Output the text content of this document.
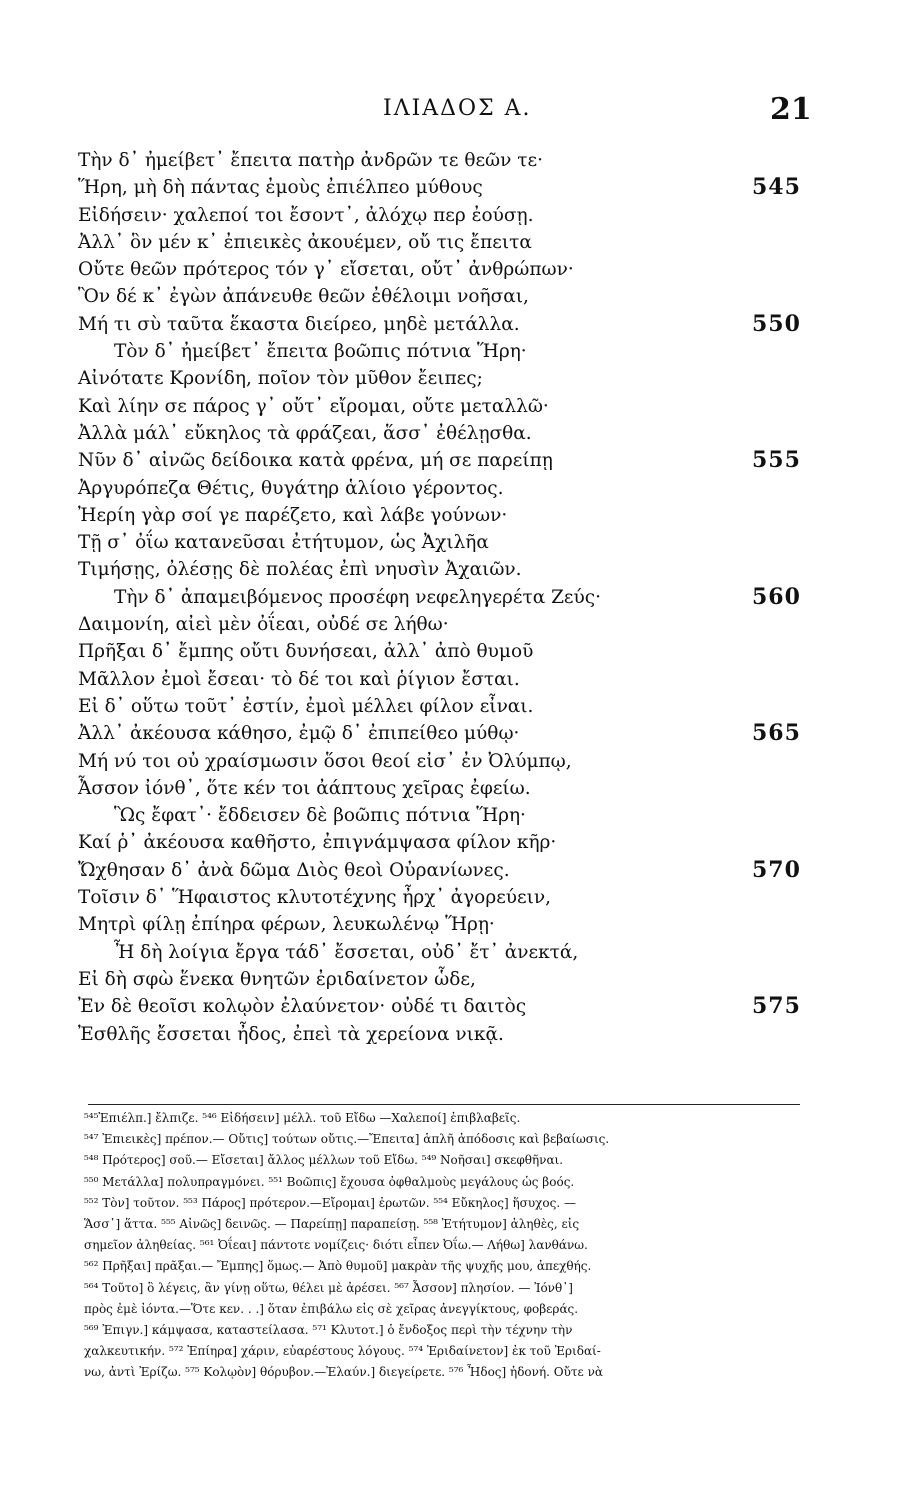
ΙΛΙΑΔΟΣ Α.	21
Τὴν δ᾽ ἠμείβετ᾽ ἔπειτα πατὴρ ἀνδρῶν τε θεῶν τε·
Ἥρη, μὴ δὴ πάντας ἐμοὺς ἐπιέλπεο μύθους	545
Εἰδήσειν· χαλεποί τοι ἔσοντ᾽, ἀλόχῳ περ ἐούσῃ.
Ἀλλ᾽ ὃν μέν κ᾽ ἐπιεικὲς ἀκουέμεν, οὔ τις ἔπειτα
Οὔτε θεῶν πρότερος τόν γ᾽ εἴσεται, οὔτ᾽ ἀνθρώπων·
Ὃν δέ κ᾽ ἐγὼν ἀπάνευθε θεῶν ἐθέλοιμι νοῆσαι,
Μή τι σὺ ταῦτα ἕκαστα διείρεο, μηδὲ μετάλλα.	550
Τὸν δ᾽ ἠμείβετ᾽ ἔπειτα βοῶπις πότνια Ἥρη·
Αἰνότατε Κρονίδη, ποῖον τὸν μῦθον ἔειπες;
Καὶ λίην σε πάρος γ᾽ οὔτ᾽ εἴρομαι, οὔτε μεταλλῶ·
Ἀλλὰ μάλ᾽ εὔκηλος τὰ φράζεαι, ἅσσ᾽ ἐθέλῃσθα.
Νῦν δ᾽ αἰνῶς δείδοικα κατὰ φρένα, μή σε παρείπῃ	555
Ἀργυρόπεζα Θέτις, θυγάτηρ ἁλίοιο γέροντος.
Ἠερίη γὰρ σοί γε παρέζετο, καὶ λάβε γούνων·
Τῇ σ᾽ ὀΐω κατανεῦσαι ἐτήτυμον, ὡς Ἀχιλῆα
Τιμήσῃς, ὀλέσῃς δὲ πολέας ἐπὶ νηυσὶν Ἀχαιῶν.
Τὴν δ᾽ ἀπαμειβόμενος προσέφη νεφεληγερέτα Ζεύς·	560
Δαιμονίη, αἰεὶ μὲν ὀΐεαι, οὐδέ σε λήθω·
Πρῆξαι δ᾽ ἔμπης οὔτι δυνήσεαι, ἀλλ᾽ ἀπὸ θυμοῦ
Μᾶλλον ἐμοὶ ἔσεαι· τὸ δέ τοι καὶ ῥίγιον ἔσται.
Εἰ δ᾽ οὕτω τοῦτ᾽ ἐστίν, ἐμοὶ μέλλει φίλον εἶναι.
Ἀλλ᾽ ἀκέουσα κάθησο, ἐμῷ δ᾽ ἐπιπείθεο μύθῳ·	565
Μή νύ τοι οὐ χραίσμωσιν ὅσοι θεοί εἰσ᾽ ἐν Ὀλύμπῳ,
Ἆσσον ἰόνθ᾽, ὅτε κέν τοι ἀάπτους χεῖρας ἐφείω.
Ὣς ἔφατ᾽· ἔδδεισεν δὲ βοῶπις πότνια Ἥρη·
Καί ῥ᾽ ἀκέουσα καθῆστο, ἐπιγνάμψασα φίλον κῆρ·
Ὤχθησαν δ᾽ ἀνὰ δῶμα Διὸς θεοὶ Οὐρανίωνες.	570
Τοῖσιν δ᾽ Ἥφαιστος κλυτοτέχνης ἦρχ᾽ ἀγορεύειν,
Μητρὶ φίλῃ ἐπίηρα φέρων, λευκωλένῳ Ἥρῃ·
Ἦ δὴ λοίγια ἔργα τάδ᾽ ἔσσεται, οὐδ᾽ ἔτ᾽ ἀνεκτά,
Εἰ δὴ σφὼ ἕνεκα θνητῶν ἐριδαίνετον ὧδε,
Ἐν δὲ θεοῖσι κολῳὸν ἐλαύνετον· οὐδέ τι δαιτὸς	575
Ἐσθλῆς ἔσσεται ἦδος, ἐπεὶ τὰ χερείονα νικᾷ.
⁵⁴⁵Ἐπιέλπ.] ἔλπιζε. ⁵⁴⁶ Εἰδήσειν] μέλλ. τοῦ Εἴδω —Χαλεποί] ἐπιβλαβεῖς.
⁵⁴⁷ Ἐπιεικὲς] πρέπον.— Οὔτις] τούτων οὔτις.—Ἔπειτα] ἁπλῆ ἀπόδοσις καὶ βεβαίωσις.
⁵⁴⁸ Πρότερος] σοῦ.— Εἴσεται] ἄλλος μέλλων τοῦ Εἴδω. ⁵⁴⁹ Νοῆσαι] σκεφθῆναι.
⁵⁵⁰ Μετάλλα] πολυπραγμόνει. ⁵⁵¹ Βοῶπις] ἔχουσα ὀφθαλμοὺς μεγάλους ὡς βοός.
⁵⁵² Τὸν] τοῦτον. ⁵⁵³ Πάρος] πρότερον.—Εἴρομαι] ἐρωτῶν. ⁵⁵⁴ Εὔκηλος] ἥσυχος. —
Ἅσσ᾽] ἅττα. ⁵⁵⁵ Αἰνῶς] δεινῶς. — Παρείπῃ] παραπείσῃ. ⁵⁵⁸ Ἐτήτυμον] ἀληθὲς, εἰς
σημεῖον ἀληθείας. ⁵⁶¹ Ὀΐεαι] πάντοτε νομίζεις· διότι εἶπεν Ὀΐω.— Λήθω] λανθάνω.
⁵⁶² Πρῆξαι] πρᾶξαι.— Ἔμπης] ὅμως.— Ἀπὸ θυμοῦ] μακρὰν τῆς ψυχῆς μου, ἀπεχθής.
⁵⁶⁴ Τοῦτο] ὃ λέγεις, ἂν γίνῃ οὕτω, θέλει μὲ ἀρέσει. ⁵⁶⁷ Ἆσσον] πλησίον. — Ἰόνθ᾽]
πρὸς ἐμὲ ἰόντα.—Ὅτε κεν. . .] ὅταν ἐπιβάλω εἰς σὲ χεῖρας ἀνεγγίκτους, φοβεράς.
⁵⁶⁹ Ἐπιγν.] κάμψασα, καταστείλασα. ⁵⁷¹ Κλυτοτ.] ὁ ἔνδοξος περὶ τὴν τέχνην τὴν
χαλκευτικήν. ⁵⁷² Ἐπίηρα] χάριν, εὐαρέστους λόγους. ⁵⁷⁴ Ἐριδαίνετον] ἐκ τοῦ Ἐριδαί-
νω, ἀντὶ Ἐρίζω. ⁵⁷⁵ Κολῳὸν] θόρυβον.—Ἐλαύν.] διεγείρετε. ⁵⁷⁶ Ἦδος] ἡδονή. Οὔτε νὰ
